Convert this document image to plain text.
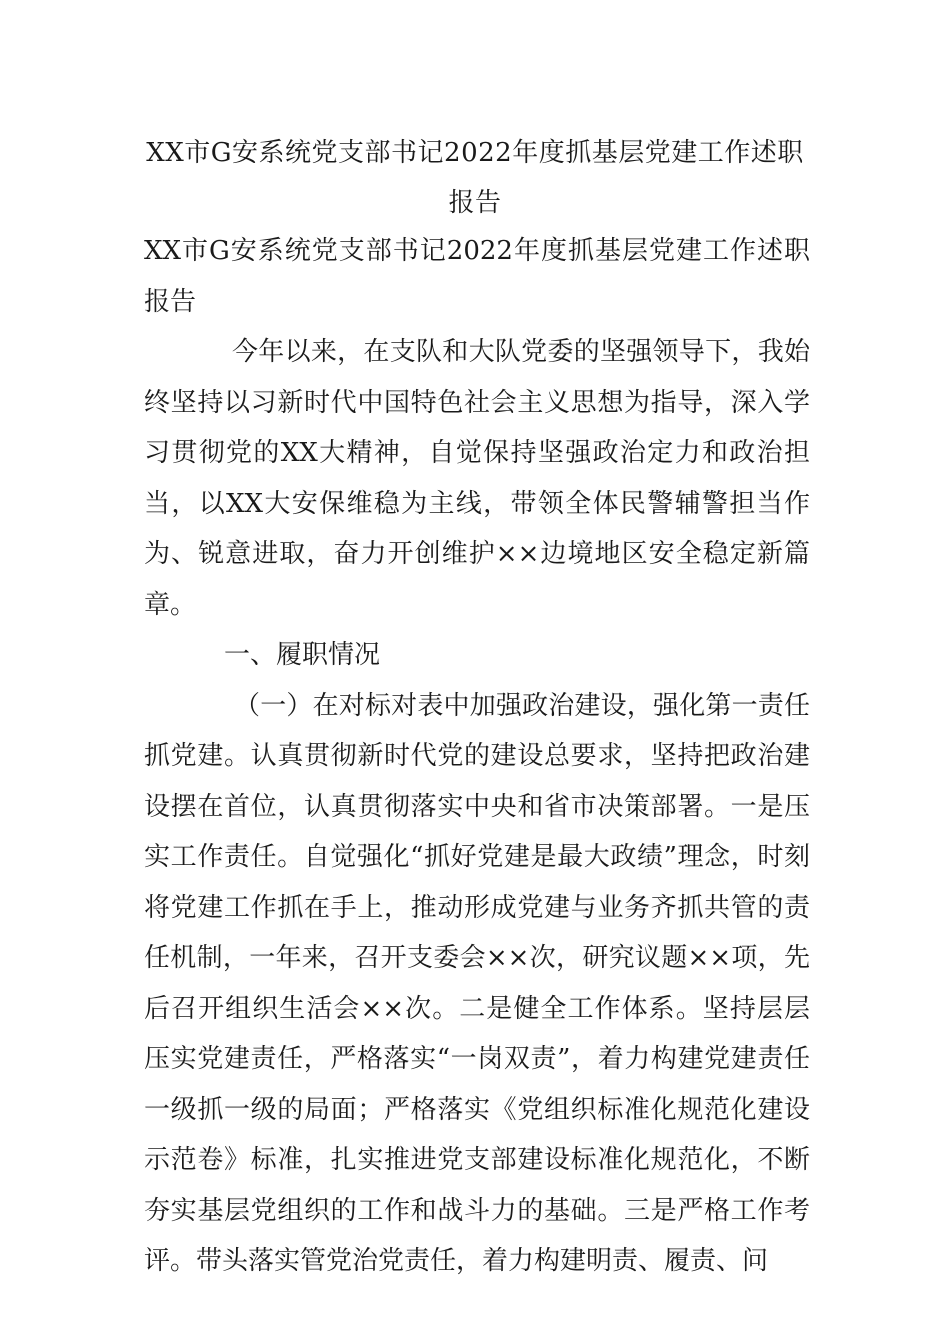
XX市G安系统党支部书记2022年度抓基层党建工作述职报告

XX市G安系统党支部书记2022年度抓基层党建工作述职报告

今年以来，在支队和大队党委的坚强领导下，我始终坚持以习新时代中国特色社会主义思想为指导，深入学习贯彻党的XX大精神，自觉保持坚强政治定力和政治担当，以XX大安保维稳为主线，带领全体民警辅警担当作为、锐意进取，奋力开创维护××边境地区安全稳定新篇章。

一、履职情况

（一）在对标对表中加强政治建设，强化第一责任抓党建。认真贯彻新时代党的建设总要求，坚持把政治建设摆在首位，认真贯彻落实中央和省市决策部署。一是压实工作责任。自觉强化“抓好党建是最大政绩”理念，时刻将党建工作抓在手上，推动形成党建与业务齐抓共管的责任机制，一年来，召开支委会××次，研究议题××项，先后召开组织生活会××次。二是健全工作体系。坚持层层压实党建责任，严格落实“一岗双责”，着力构建党建责任一级抓一级的局面；严格落实《党组织标准化规范化建设示范卷》标准，扎实推进党支部建设标准化规范化，不断夯实基层党组织的工作和战斗力的基础。三是严格工作考评。带头落实管党治党责任，着力构建明责、履责、问
